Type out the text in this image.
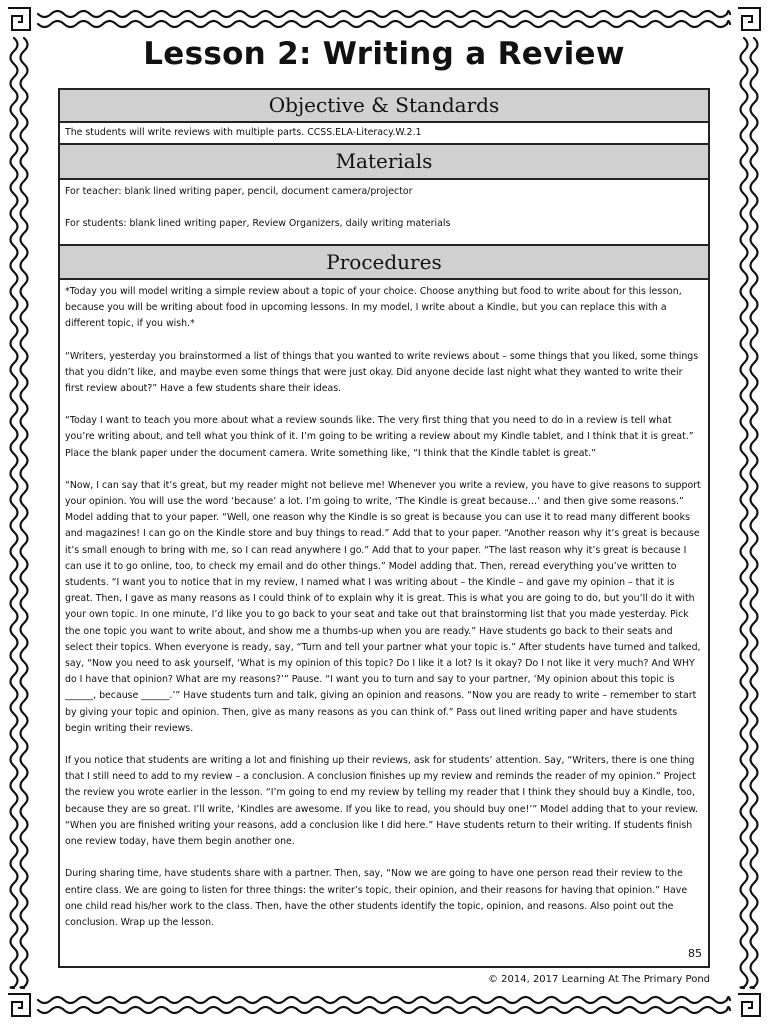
Lesson 2: Writing a Review
Objective & Standards

The students will write reviews with multiple parts. CCSS.ELA-Literacy.W.2.1

Materials

For teacher: blank lined writing paper, pencil, document camera/projector

For students: blank lined writing paper, Review Organizers, daily writing materials

Procedures

*Today you will model writing a simple review about a topic of your choice. Choose anything but food to write about for this lesson, because you will be writing about food in upcoming lessons. In my model, I write about a Kindle, but you can replace this with a different topic, if you wish.*

“Writers, yesterday you brainstormed a list of things that you wanted to write reviews about – some things that you liked, some things that you didn’t like, and maybe even some things that were just okay. Did anyone decide last night what they wanted to write their first review about?” Have a few students share their ideas.

“Today I want to teach you more about what a review sounds like. The very first thing that you need to do in a review is tell what you’re writing about, and tell what you think of it. I’m going to be writing a review about my Kindle tablet, and I think that it is great.” Place the blank paper under the document camera. Write something like, “I think that the Kindle tablet is great.”

“Now, I can say that it’s great, but my reader might not believe me! Whenever you write a review, you have to give reasons to support your opinion. You will use the word ‘because’ a lot. I’m going to write, ‘The Kindle is great because…’ and then give some reasons.” Model adding that to your paper. “Well, one reason why the Kindle is so great is because you can use it to read many different books and magazines! I can go on the Kindle store and buy things to read.” Add that to your paper. “Another reason why it’s great is because it’s small enough to bring with me, so I can read anywhere I go.” Add that to your paper. “The last reason why it’s great is because I can use it to go online, too, to check my email and do other things.” Model adding that. Then, reread everything you’ve written to students. “I want you to notice that in my review, I named what I was writing about – the Kindle – and gave my opinion – that it is great. Then, I gave as many reasons as I could think of to explain why it is great. This is what you are going to do, but you’ll do it with your own topic. In one minute, I’d like you to go back to your seat and take out that brainstorming list that you made yesterday. Pick the one topic you want to write about, and show me a thumbs-up when you are ready.” Have students go back to their seats and select their topics. When everyone is ready, say, “Turn and tell your partner what your topic is.” After students have turned and talked, say, “Now you need to ask yourself, ‘What is my opinion of this topic? Do I like it a lot? Is it okay? Do I not like it very much? And WHY do I have that opinion? What are my reasons?’” Pause. “I want you to turn and say to your partner, ‘My opinion about this topic is ______, because ______.’” Have students turn and talk, giving an opinion and reasons. “Now you are ready to write – remember to start by giving your topic and opinion. Then, give as many reasons as you can think of.” Pass out lined writing paper and have students begin writing their reviews.

If you notice that students are writing a lot and finishing up their reviews, ask for students’ attention. Say, “Writers, there is one thing that I still need to add to my review – a conclusion. A conclusion finishes up my review and reminds the reader of my opinion.” Project the review you wrote earlier in the lesson. “I’m going to end my review by telling my reader that I think they should buy a Kindle, too, because they are so great. I’ll write, ‘Kindles are awesome. If you like to read, you should buy one!’” Model adding that to your review. “When you are finished writing your reasons, add a conclusion like I did here.” Have students return to their writing. If students finish one review today, have them begin another one.

During sharing time, have students share with a partner. Then, say, “Now we are going to have one person read their review to the entire class. We are going to listen for three things: the writer’s topic, their opinion, and their reasons for having that opinion.” Have one child read his/her work to the class. Then, have the other students identify the topic, opinion, and reasons. Also point out the conclusion. Wrap up the lesson.

85
© 2014, 2017 Learning At The Primary Pond
